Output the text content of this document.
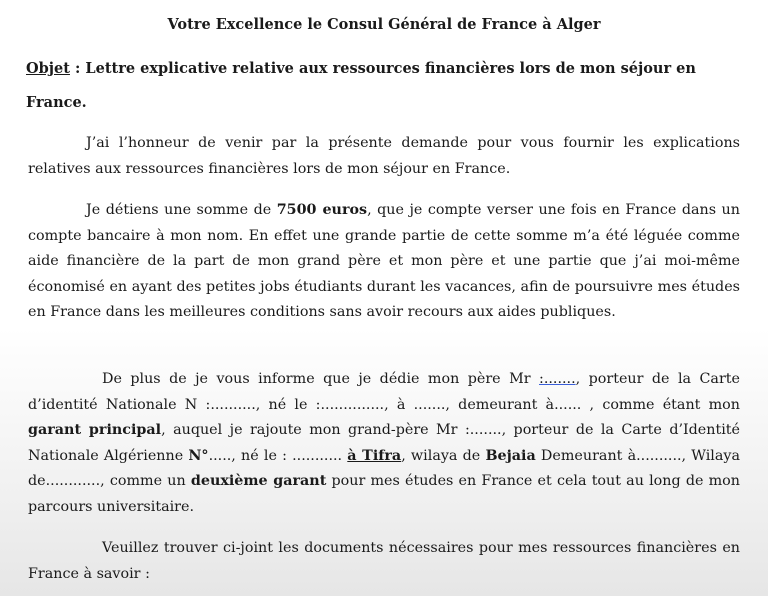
Votre Excellence le Consul Général de France à Alger
Objet : Lettre explicative relative aux ressources financières lors de mon séjour en France.
J’ai l’honneur de venir par la présente demande pour vous fournir les explications relatives aux ressources financières lors de mon séjour en France.
Je détiens une somme de 7500 euros, que je compte verser une fois en France dans un compte bancaire à mon nom. En effet une grande partie de cette somme m’a été léguée comme aide financière de la part de mon grand père et mon père et une partie que j’ai moi-même économisé en ayant des petites jobs étudiants durant les vacances, afin de poursuivre mes études en France dans les meilleures conditions sans avoir recours aux aides publiques.
De plus de je vous informe que je dédie mon père Mr :......., porteur de la Carte d’identité Nationale N :.........., né le :.............., à ......., demeurant à...... , comme étant mon garant principal, auquel je rajoute mon grand-père Mr :......., porteur de la Carte d’Identité Nationale Algérienne N°....., né le : ........... à Tifra, wilaya de Bejaia Demeurant à.........., Wilaya de............, comme un deuxième garant pour mes études en France et cela tout au long de mon parcours universitaire.
Veuillez trouver ci-joint les documents nécessaires pour mes ressources financières en France à savoir :
